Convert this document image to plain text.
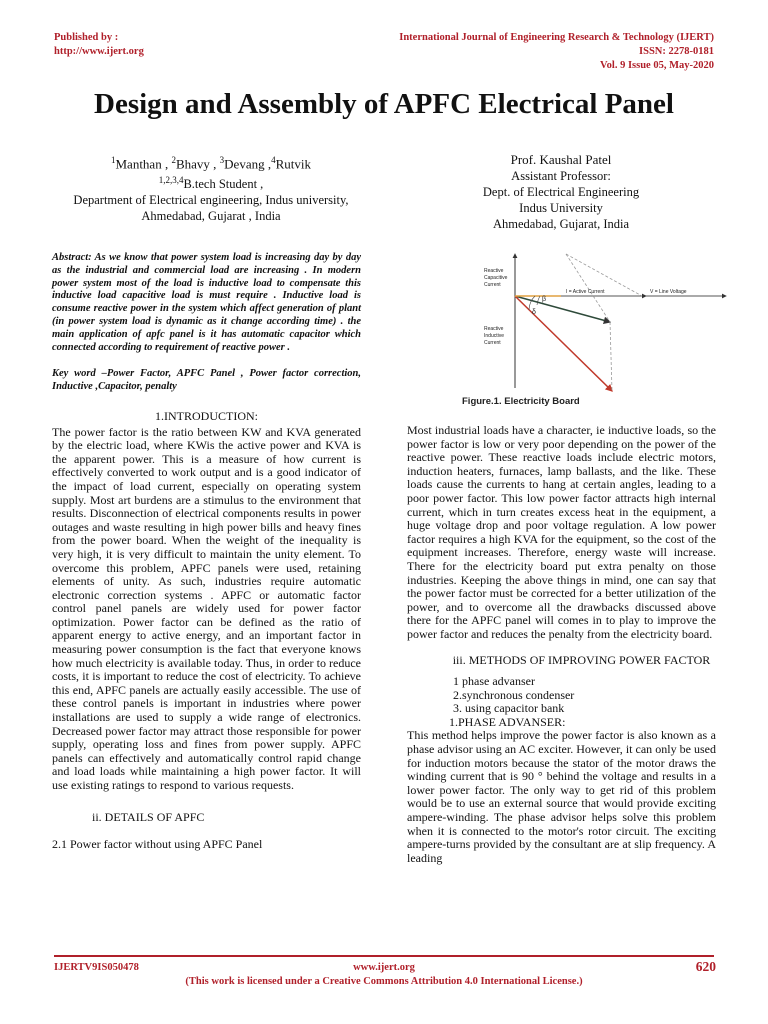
Published by :
http://www.ijert.org
International Journal of Engineering Research & Technology (IJERT)
ISSN: 2278-0181
Vol. 9 Issue 05, May-2020
Design and Assembly of APFC Electrical Panel
$^1$Manthan , $^2$Bhavy , $^3$Devang ,$^4$Rutvik
$^{1,2,3,4}$B.tech Student ,
Department of Electrical engineering, Indus university,
Ahmedabad, Gujarat , India
Prof. Kaushal Patel
Assistant Professor:
Dept. of Electrical Engineering
Indus University
Ahmedabad, Gujarat, India

Abstract: As we know that power system load is increasing day by day as the industrial and commercial load are increasing . In modern power system most of the load is inductive load to compensate this inductive load capacitive load is must require . Inductive load is consume reactive power in the system which affect generation of plant (in power system load is dynamic as it change according time) . the main application of apfc panel is it has automatic capacitor which connected according to requirement of reactive power .

Key word –Power Factor, APFC Panel , Power factor correction, Inductive ,Capacitor, penalty

1.INTRODUCTION:

The power factor is the ratio between KW and KVA generated by the electric load, where KWis the active power and KVA is the apparent power. This is a measure of how current is effectively converted to work output and is a good indicator of the impact of load current, especially on operating system supply. Most art burdens are a stimulus to the environment that results. Disconnection of electrical components results in power outages and waste resulting in high power bills and heavy fines from the power board. When the weight of the inequality is very high, it is very difficult to maintain the unity element. To overcome this problem, APFC panels were used, retaining elements of unity. As such, industries require automatic electronic correction systems . APFC or automatic factor control panel panels are widely used for power factor optimization. Power factor can be defined as the ratio of apparent energy to active energy, and an important factor in measuring power consumption is the fact that everyone knows how much electricity is available today. Thus, in order to reduce costs, it is important to reduce the cost of electricity. To achieve this end, APFC panels are actually easily accessible. The use of these control panels is important in industries where power installations are used to supply a wide range of electronics. Decreased power factor may attract those responsible for power supply, operating loss and fines from power supply. APFC panels can effectively and automatically control rapid change and load loads while maintaining a high power factor. It will use existing ratings to respond to various requests.

ii. DETAILS OF APFC

2.1 Power factor without using APFC Panel

Reactive
Capacitive
Current
Reactive
Inductive
Current
I = Active Current	V = Line Voltage
β
δ
Figure.1. Electricity Board

Most industrial loads have a character, ie inductive loads, so the power factor is low or very poor depending on the power of the reactive power. These reactive loads include electric motors, induction heaters, furnaces, lamp ballasts, and the like. These loads cause the currents to hang at certain angles, leading to a poor power factor. This low power factor attracts high internal current, which in turn creates excess heat in the equipment, a huge voltage drop and poor voltage regulation. A low power factor requires a high KVA for the equipment, so the cost of the equipment increases. Therefore, energy waste will increase. There for the electricity board put extra penalty on those industries. Keeping the above things in mind, one can say that the power factor must be corrected for a better utilization of the power, and to overcome all the drawbacks discussed above there for the APFC panel will comes in to play to improve the power factor and reduces the penalty from the electricity board.

iii. METHODS OF IMPROVING POWER FACTOR

1 phase advanser

2.synchronous condenser

3. using capacitor bank

1.PHASE ADVANSER:

This method helps improve the power factor is also known as a phase advisor using an AC exciter. However, it can only be used for induction motors because the stator of the motor draws the winding current that is 90 ° behind the voltage and results in a lower power factor. The only way to get rid of this problem would be to use an external source that would provide exciting ampere-winding. The phase advisor helps solve this problem when it is connected to the motor's rotor circuit. The exciting ampere-turns provided by the consultant are at slip frequency. A leading

IJERTV9IS050478	www.ijert.org	620
(This work is licensed under a Creative Commons Attribution 4.0 International License.)
